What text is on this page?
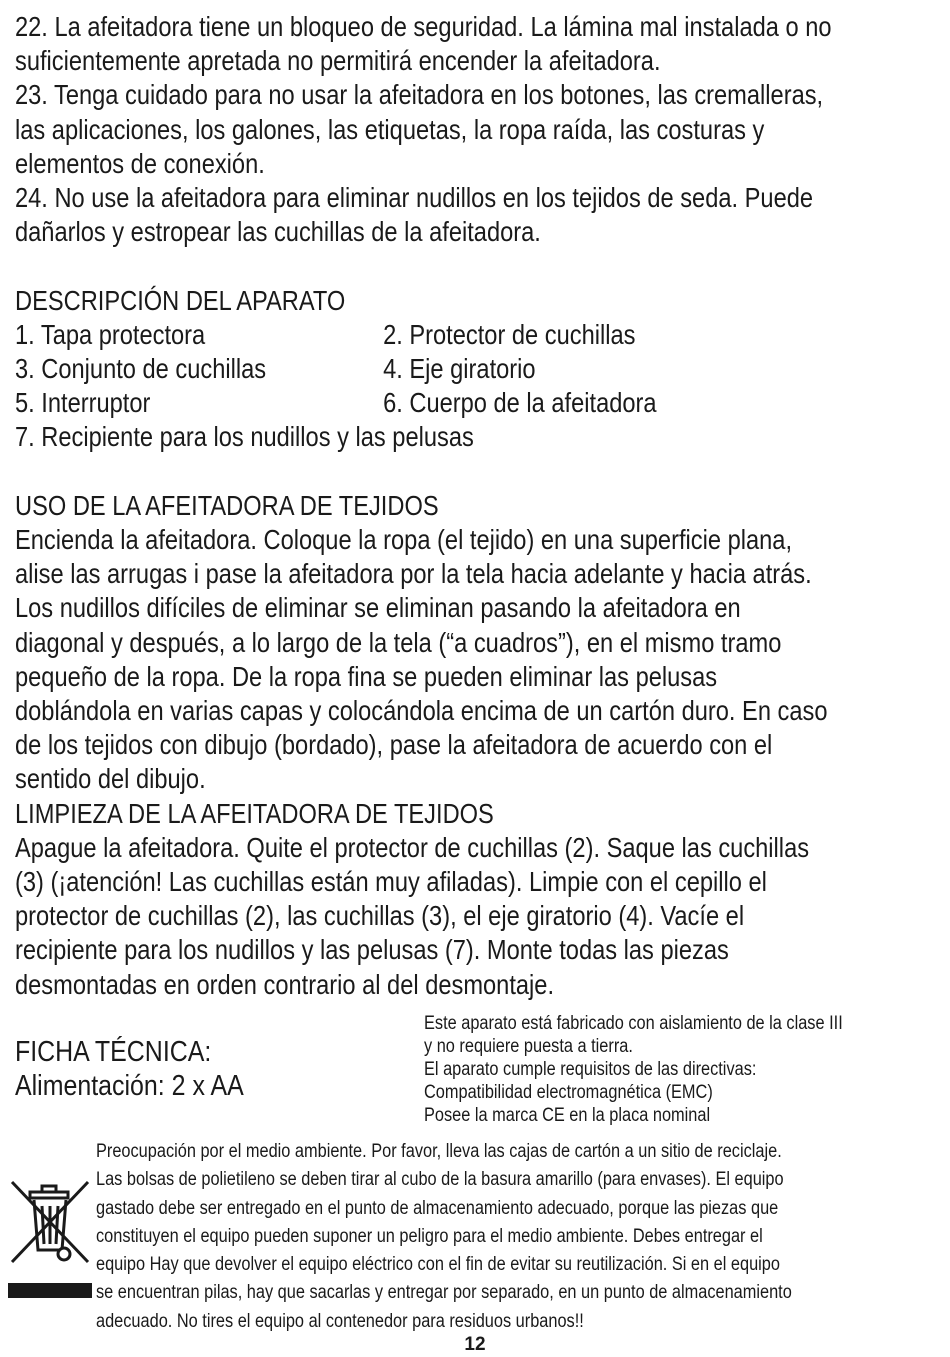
22. La afeitadora tiene un bloqueo de seguridad. La lámina mal instalada o no

suficientemente apretada no permitirá encender la afeitadora.

23. Tenga cuidado para no usar la afeitadora en los botones, las cremalleras,

las aplicaciones, los galones, las etiquetas, la ropa raída, las costuras y

elementos de conexión.

24. No use la afeitadora para eliminar nudillos en los tejidos de seda. Puede

dañarlos y estropear las cuchillas de la afeitadora.

DESCRIPCIÓN DEL APARATO

1. Tapa protectora	2. Protector de cuchillas
3. Conjunto de cuchillas	4. Eje giratorio
5. Interruptor	6. Cuerpo de la afeitadora

7. Recipiente para los nudillos y las pelusas

USO DE LA AFEITADORA DE TEJIDOS

Encienda la afeitadora. Coloque la ropa (el tejido) en una superficie plana,

alise las arrugas i pase la afeitadora por la tela hacia adelante y hacia atrás.

Los nudillos difíciles de eliminar se eliminan pasando la afeitadora en

diagonal y después, a lo largo de la tela (“a cuadros”), en el mismo tramo

pequeño de la ropa. De la ropa fina se pueden eliminar las pelusas

doblándola en varias capas y colocándola encima de un cartón duro. En caso

de los tejidos con dibujo (bordado), pase la afeitadora de acuerdo con el

sentido del dibujo.

LIMPIEZA DE LA AFEITADORA DE TEJIDOS

Apague la afeitadora. Quite el protector de cuchillas (2). Saque las cuchillas

(3) (¡atención! Las cuchillas están muy afiladas). Limpie con el cepillo el

protector de cuchillas (2), las cuchillas (3), el eje giratorio (4). Vacíe el

recipiente para los nudillos y las pelusas (7). Monte todas las piezas

desmontadas en orden contrario al del desmontaje.

FICHA TÉCNICA:

Alimentación: 2 x AA

Este aparato está fabricado con aislamiento de la clase III

y no requiere puesta a tierra.

El aparato cumple requisitos de las directivas:

Compatibilidad electromagnética (EMC)

Posee la marca CE en la placa nominal

Preocupación por el medio ambiente. Por favor, lleva las cajas de cartón a un sitio de reciclaje.

Las bolsas de polietileno se deben tirar al cubo de la basura amarillo (para envases). El equipo

gastado debe ser entregado en el punto de almacenamiento adecuado, porque las piezas que

constituyen el equipo pueden suponer un peligro para el medio ambiente. Debes entregar el

equipo Hay que devolver el equipo eléctrico con el fin de evitar su reutilización. Si en el equipo

se encuentran pilas, hay que sacarlas y entregar por separado, en un punto de almacenamiento

adecuado. No tires el equipo al contenedor para residuos urbanos!!

12
